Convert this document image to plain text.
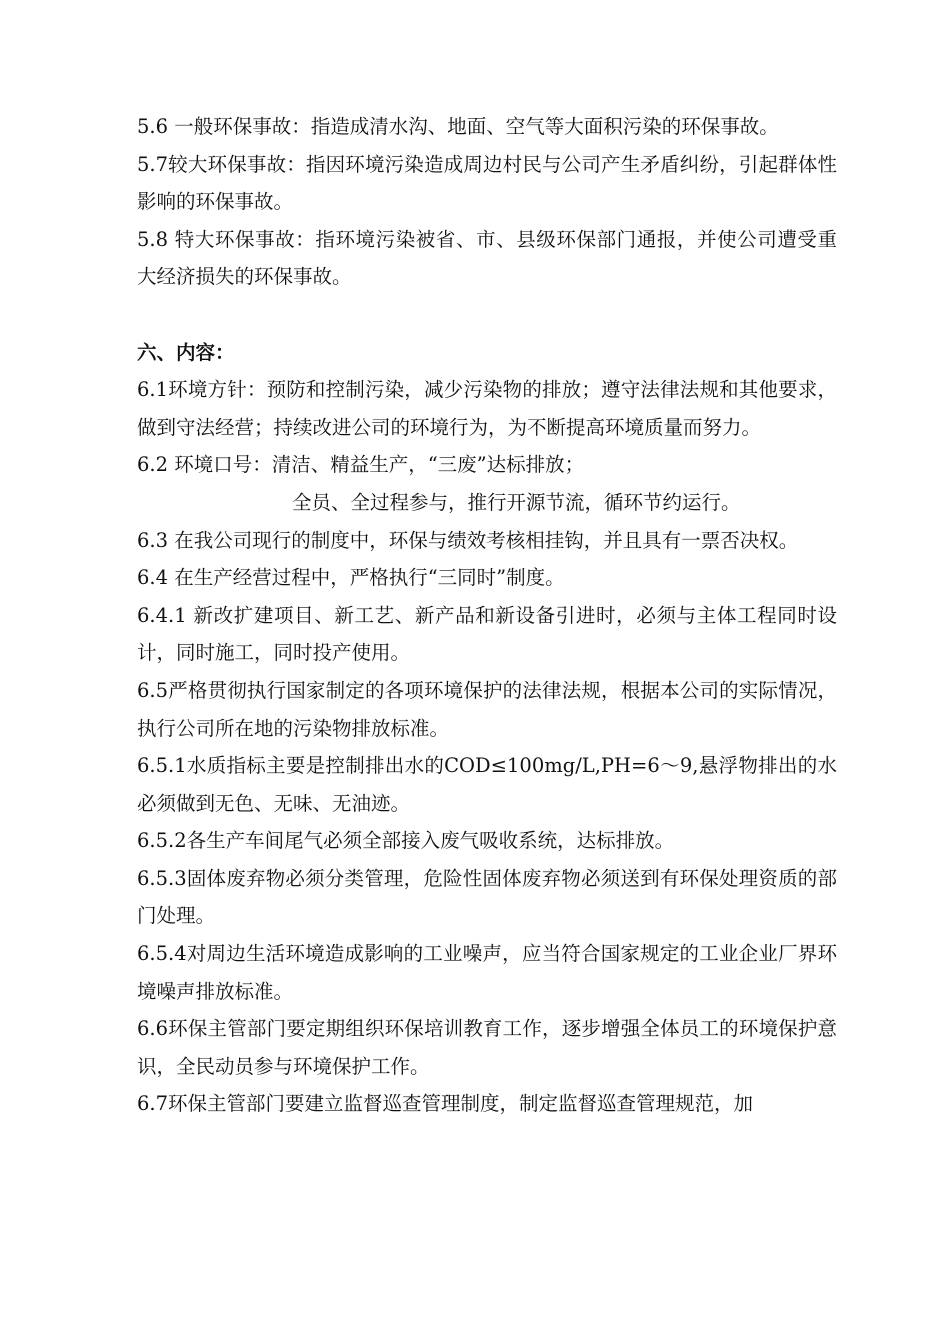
5.6 一般环保事故：指造成清水沟、地面、空气等大面积污染的环保事故。

5.7较大环保事故：指因环境污染造成周边村民与公司产生矛盾纠纷，引起群体性影响的环保事故。

5.8 特大环保事故：指环境污染被省、市、县级环保部门通报，并使公司遭受重大经济损失的环保事故。

六、内容：

6.1环境方针：预防和控制污染，减少污染物的排放；遵守法律法规和其他要求，做到守法经营；持续改进公司的环境行为，为不断提高环境质量而努力。

6.2 环境口号：清洁、精益生产，“三废”达标排放；

全员、全过程参与，推行开源节流，循环节约运行。

6.3 在我公司现行的制度中，环保与绩效考核相挂钩，并且具有一票否决权。

6.4 在生产经营过程中，严格执行“三同时”制度。

6.4.1 新改扩建项目、新工艺、新产品和新设备引进时，必须与主体工程同时设计，同时施工，同时投产使用。

6.5严格贯彻执行国家制定的各项环境保护的法律法规，根据本公司的实际情况，执行公司所在地的污染物排放标准。

6.5.1水质指标主要是控制排出水的COD≤100mg/L,PH=6～9,悬浮物排出的水必须做到无色、无味、无油迹。

6.5.2各生产车间尾气必须全部接入废气吸收系统，达标排放。

6.5.3固体废弃物必须分类管理，危险性固体废弃物必须送到有环保处理资质的部门处理。

6.5.4对周边生活环境造成影响的工业噪声，应当符合国家规定的工业企业厂界环境噪声排放标准。

6.6环保主管部门要定期组织环保培训教育工作，逐步增强全体员工的环境保护意识，全民动员参与环境保护工作。

6.7环保主管部门要建立监督巡查管理制度，制定监督巡查管理规范，加
